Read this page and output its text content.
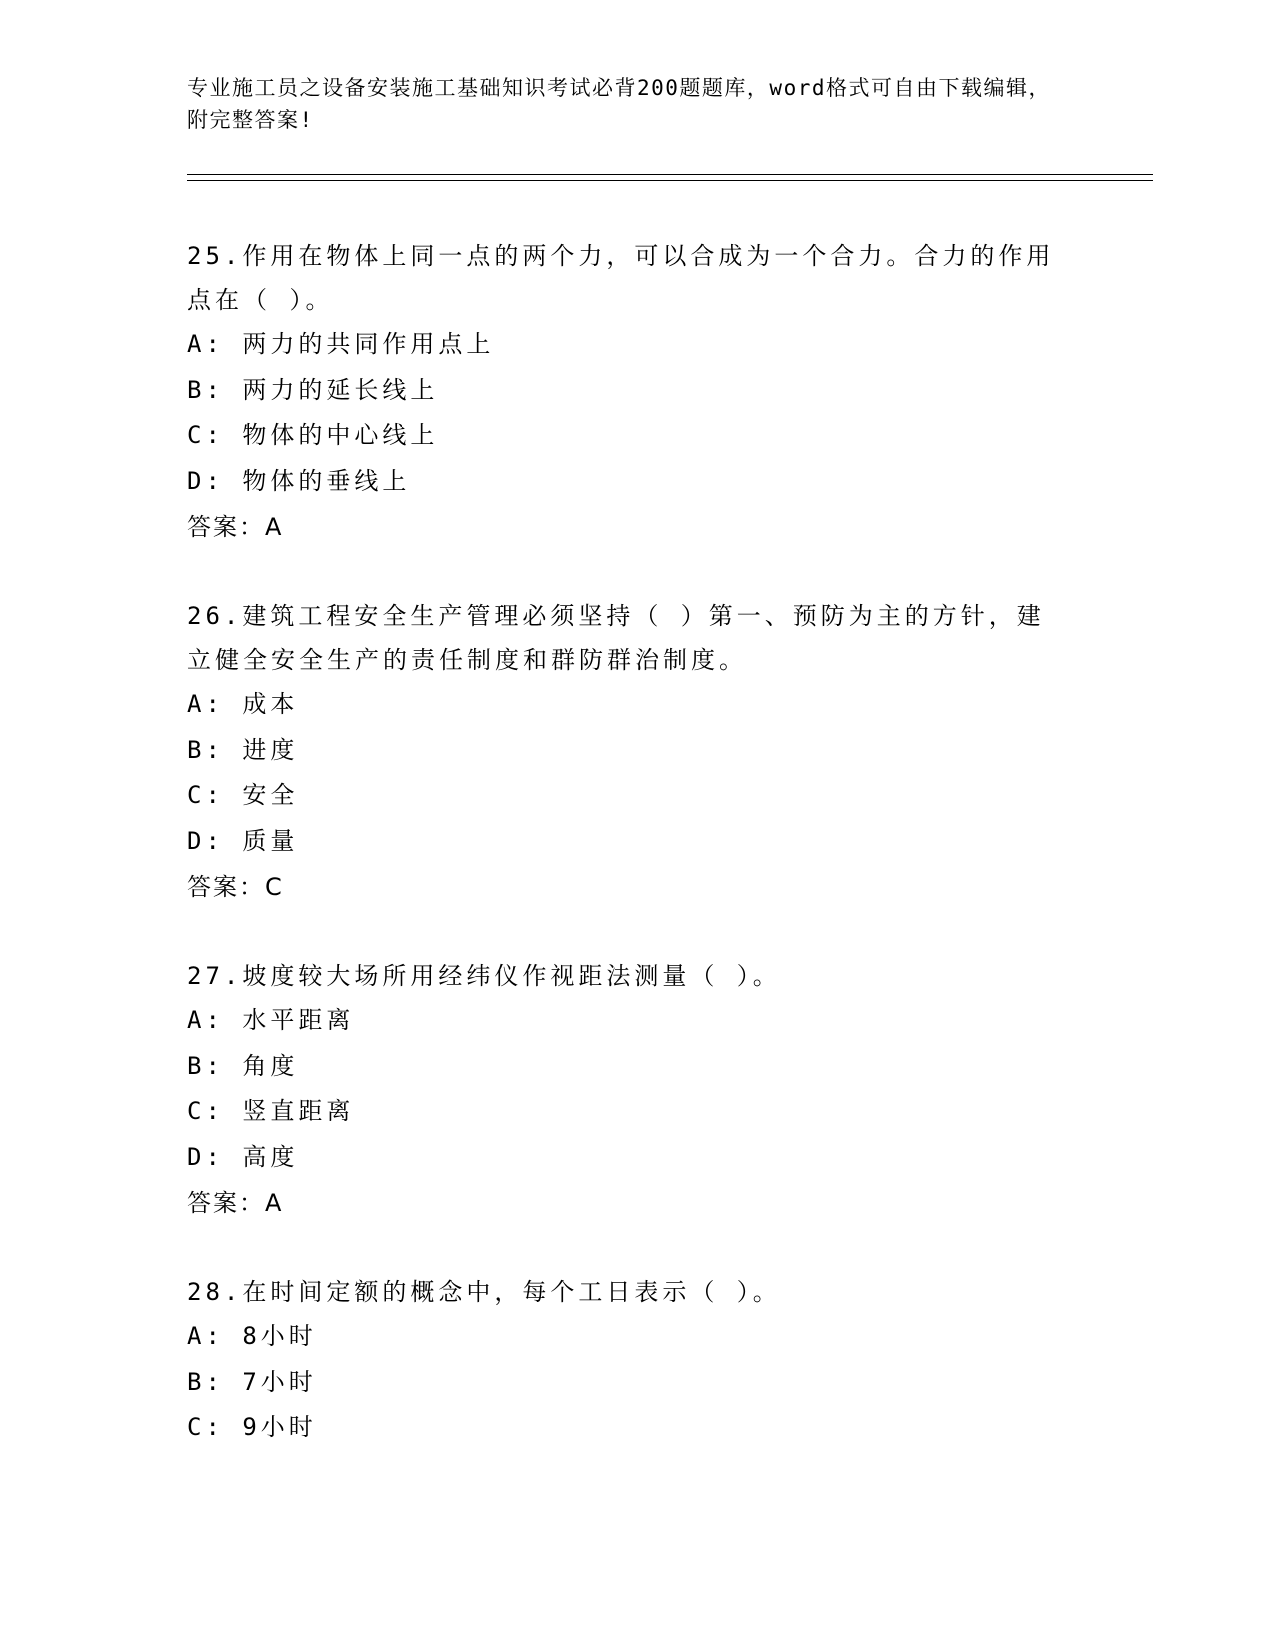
专业施工员之设备安装施工基础知识考试必背200题题库，word格式可自由下载编辑，附完整答案!
25.作用在物体上同一点的两个力，可以合成为一个合力。合力的作用点在（ ）。
A: 两力的共同作用点上
B: 两力的延长线上
C: 物体的中心线上
D: 物体的垂线上
答案：A
26.建筑工程安全生产管理必须坚持（ ）第一、预防为主的方针，建立健全安全生产的责任制度和群防群治制度。
A: 成本
B: 进度
C: 安全
D: 质量
答案：C
27.坡度较大场所用经纬仪作视距法测量（ ）。
A: 水平距离
B: 角度
C: 竖直距离
D: 高度
答案：A
28.在时间定额的概念中，每个工日表示（ ）。
A: 8小时
B: 7小时
C: 9小时
